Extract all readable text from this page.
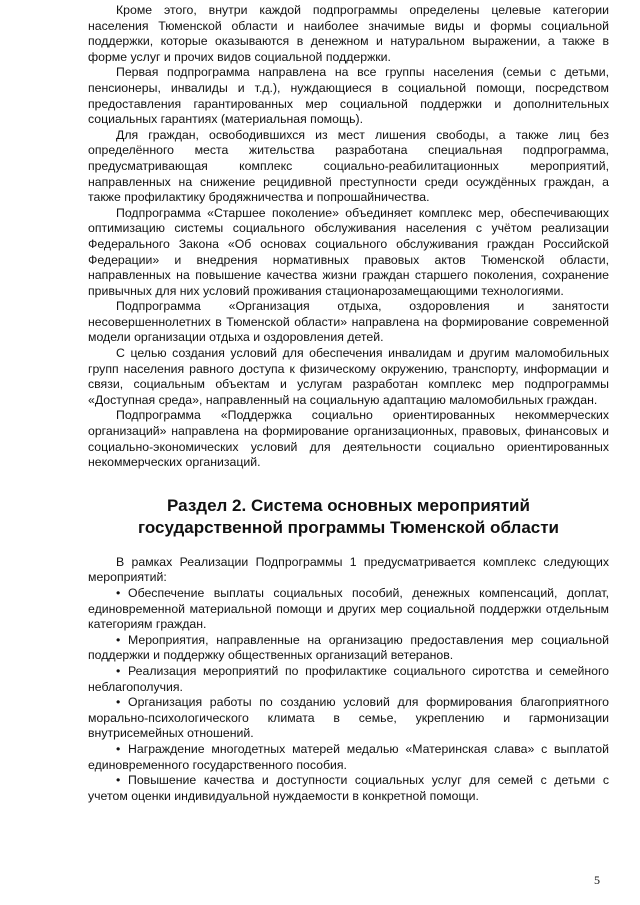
Кроме этого, внутри каждой подпрограммы определены целевые категории населения Тюменской области и наиболее значимые виды и формы социальной поддержки, которые оказываются в денежном и натуральном выражении, а также в форме услуг и прочих видов социальной поддержки.

Первая подпрограмма направлена на все группы населения (семьи с детьми, пенсионеры, инвалиды и т.д.), нуждающиеся в социальной помощи, посредством предоставления гарантированных мер социальной поддержки и дополнительных социальных гарантиях (материальная помощь).

Для граждан, освободившихся из мест лишения свободы, а также лиц без определённого места жительства разработана специальная подпрограмма, предусматривающая комплекс социально-реабилитационных мероприятий, направленных на снижение рецидивной преступности среди осуждённых граждан, а также профилактику бродяжничества и попрошайничества.

Подпрограмма «Старшее поколение» объединяет комплекс мер, обеспечивающих оптимизацию системы социального обслуживания населения с учётом реализации Федерального Закона «Об основах социального обслуживания граждан Российской Федерации» и внедрения нормативных правовых актов Тюменской области, направленных на повышение качества жизни граждан старшего поколения, сохранение привычных для них условий проживания стационарозамещающими технологиями.

Подпрограмма «Организация отдыха, оздоровления и занятости несовершеннолетних в Тюменской области» направлена на формирование современной модели организации отдыха и оздоровления детей.

С целью создания условий для обеспечения инвалидам и другим маломобильных групп населения равного доступа к физическому окружению, транспорту, информации и связи, социальным объектам и услугам разработан комплекс мер подпрограммы «Доступная среда», направленный на социальную адаптацию маломобильных граждан.

Подпрограмма «Поддержка социально ориентированных некоммерческих организаций» направлена на формирование организационных, правовых, финансовых и социально-экономических условий для деятельности социально ориентированных некоммерческих организаций.

Раздел 2. Система основных мероприятий
государственной программы Тюменской области

В рамках Реализации Подпрограммы 1 предусматривается комплекс следующих мероприятий:

• Обеспечение выплаты социальных пособий, денежных компенсаций, доплат, единовременной материальной помощи и других мер социальной поддержки отдельным категориям граждан.

• Мероприятия, направленные на организацию предоставления мер социальной поддержки и поддержку общественных организаций ветеранов.

• Реализация мероприятий по профилактике социального сиротства и семейного неблагополучия.

• Организация работы по созданию условий для формирования благоприятного морально-психологического климата в семье, укреплению и гармонизации внутрисемейных отношений.

• Награждение многодетных матерей медалью «Материнская слава» с выплатой единовременного государственного пособия.

• Повышение качества и доступности социальных услуг для семей с детьми с учетом оценки индивидуальной нуждаемости в конкретной помощи.

5
